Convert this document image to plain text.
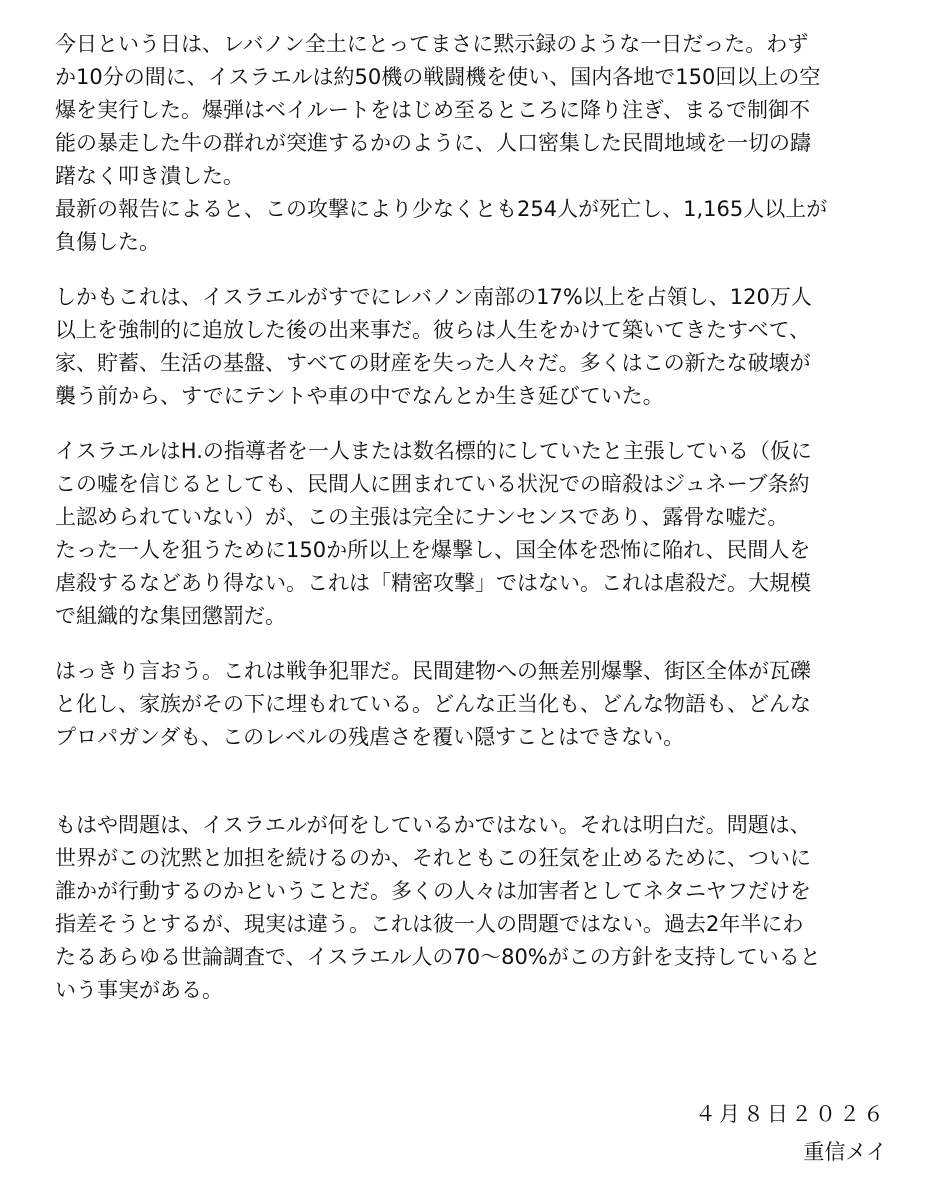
今日という日は、レバノン全土にとってまさに黙示録のような一日だった。わず
か10分の間に、イスラエルは約50機の戦闘機を使い、国内各地で150回以上の空
爆を実行した。爆弾はベイルートをはじめ至るところに降り注ぎ、まるで制御不
能の暴走した牛の群れが突進するかのように、人口密集した民間地域を一切の躊
躇なく叩き潰した。
最新の報告によると、この攻撃により少なくとも254人が死亡し、1,165人以上が
負傷した。
しかもこれは、イスラエルがすでにレバノン南部の17%以上を占領し、120万人
以上を強制的に追放した後の出来事だ。彼らは人生をかけて築いてきたすべて、
家、貯蓄、生活の基盤、すべての財産を失った人々だ。多くはこの新たな破壊が
襲う前から、すでにテントや車の中でなんとか生き延びていた。
イスラエルはH.の指導者を一人または数名標的にしていたと主張している（仮に
この嘘を信じるとしても、民間人に囲まれている状況での暗殺はジュネーブ条約
上認められていない）が、この主張は完全にナンセンスであり、露骨な嘘だ。
たった一人を狙うために150か所以上を爆撃し、国全体を恐怖に陥れ、民間人を
虐殺するなどあり得ない。これは「精密攻撃」ではない。これは虐殺だ。大規模
で組織的な集団懲罰だ。
はっきり言おう。これは戦争犯罪だ。民間建物への無差別爆撃、街区全体が瓦礫
と化し、家族がその下に埋もれている。どんな正当化も、どんな物語も、どんな
プロパガンダも、このレベルの残虐さを覆い隠すことはできない。
もはや問題は、イスラエルが何をしているかではない。それは明白だ。問題は、
世界がこの沈黙と加担を続けるのか、それともこの狂気を止めるために、ついに
誰かが行動するのかということだ。多くの人々は加害者としてネタニヤフだけを
指差そうとするが、現実は違う。これは彼一人の問題ではない。過去2年半にわ
たるあらゆる世論調査で、イスラエル人の70〜80%がこの方針を支持していると
いう事実がある。
４月８日２０２６
重信メイ
